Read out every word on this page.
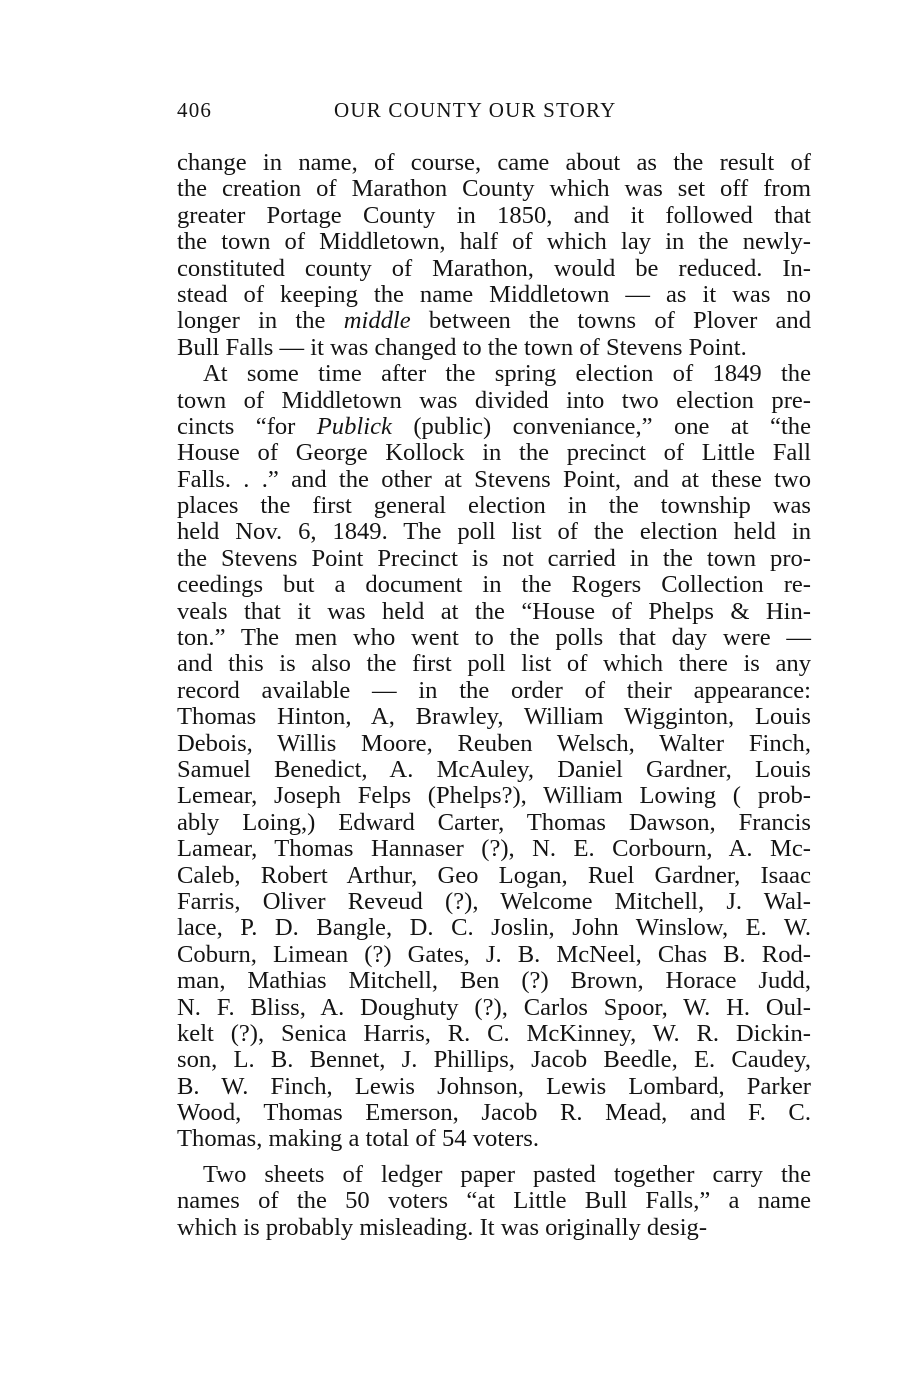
406	OUR COUNTY OUR STORY
change in name, of course, came about as the result of
the creation of Marathon County which was set off from
greater Portage County in 1850, and it followed that
the town of Middletown, half of which lay in the newly-
constituted county of Marathon, would be reduced. In-
stead of keeping the name Middletown — as it was no
longer in the middle between the towns of Plover and
Bull Falls — it was changed to the town of Stevens Point.
At some time after the spring election of 1849 the
town of Middletown was divided into two election pre-
cincts “for Publick (public) conveniance,” one at “the
House of George Kollock in the precinct of Little Fall
Falls. . .” and the other at Stevens Point, and at these two
places the first general election in the township was
held Nov. 6, 1849. The poll list of the election held in
the Stevens Point Precinct is not carried in the town pro-
ceedings but a document in the Rogers Collection re-
veals that it was held at the “House of Phelps & Hin-
ton.” The men who went to the polls that day were —
and this is also the first poll list of which there is any
record available — in the order of their appearance:
Thomas Hinton, A, Brawley, William Wigginton, Louis
Debois, Willis Moore, Reuben Welsch, Walter Finch,
Samuel Benedict, A. McAuley, Daniel Gardner, Louis
Lemear, Joseph Felps (Phelps?), William Lowing ( prob-
ably Loing,) Edward Carter, Thomas Dawson, Francis
Lamear, Thomas Hannaser (?), N. E. Corbourn, A. Mc-
Caleb, Robert Arthur, Geo Logan, Ruel Gardner, Isaac
Farris, Oliver Reveud (?), Welcome Mitchell, J. Wal-
lace, P. D. Bangle, D. C. Joslin, John Winslow, E. W.
Coburn, Limean (?) Gates, J. B. McNeel, Chas B. Rod-
man, Mathias Mitchell, Ben (?) Brown, Horace Judd,
N. F. Bliss, A. Doughuty (?), Carlos Spoor, W. H. Oul-
kelt (?), Senica Harris, R. C. McKinney, W. R. Dickin-
son, L. B. Bennet, J. Phillips, Jacob Beedle, E. Caudey,
B. W. Finch, Lewis Johnson, Lewis Lombard, Parker
Wood, Thomas Emerson, Jacob R. Mead, and F. C.
Thomas, making a total of 54 voters.
Two sheets of ledger paper pasted together carry the
names of the 50 voters “at Little Bull Falls,” a name
which is probably misleading. It was originally desig-
